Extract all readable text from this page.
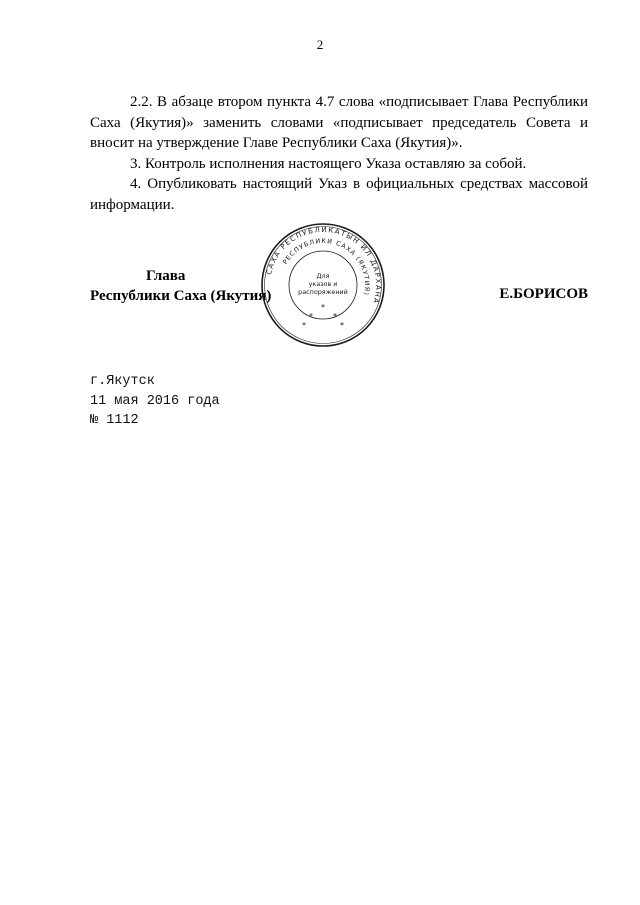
2

2.2. В абзаце втором пункта 4.7 слова «подписывает Глава Республики Саха (Якутия)» заменить словами «подписывает председатель Совета и вносит на утверждение Главе Республики Саха (Якутия)».

3. Контроль исполнения настоящего Указа оставляю за собой.

4. Опубликовать настоящий Указ в официальных средствах массовой информации.

Глава
Республики Саха (Якутия)
САХА РЕСПУБЛИКАТЫН ИЛ ДАРХАНА
РЕСПУБЛИКИ САХА (ЯКУТИЯ)
Для
указов и
распоряжений
*
*	*
*	*
Е.БОРИСОВ
г.Якутск
11 мая 2016 года
№ 1112
